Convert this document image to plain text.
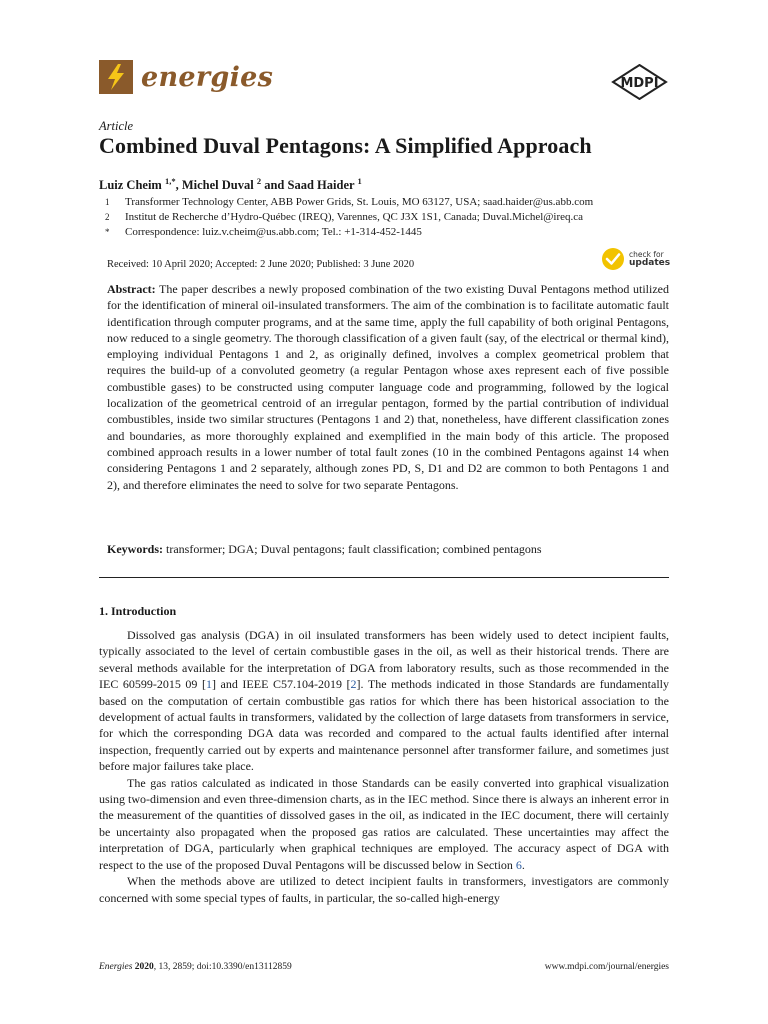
energies	MDPI
Article
Combined Duval Pentagons: A Simplified Approach
Luiz Cheim $^{1,*}$, Michel Duval $^2$ and Saad Haider $^1$
1	Transformer Technology Center, ABB Power Grids, St. Louis, MO 63127, USA; saad.haider@us.abb.com
2	Institut de Recherche d’Hydro-Québec (IREQ), Varennes, QC J3X 1S1, Canada; Duval.Michel@ireq.ca
*	Correspondence: luiz.v.cheim@us.abb.com; Tel.: +1-314-452-1445
check for
updates
Received: 10 April 2020; Accepted: 2 June 2020; Published: 3 June 2020

Abstract: The paper describes a newly proposed combination of the two existing Duval Pentagons method utilized for the identification of mineral oil-insulated transformers. The aim of the combination is to facilitate automatic fault identification through computer programs, and at the same time, apply the full capability of both original Pentagons, now reduced to a single geometry. The thorough classification of a given fault (say, of the electrical or thermal kind), employing individual Pentagons 1 and 2, as originally defined, involves a complex geometrical problem that requires the build-up of a convoluted geometry (a regular Pentagon whose axes represent each of five possible combustible gases) to be constructed using computer language code and programming, followed by the logical localization of the geometrical centroid of an irregular pentagon, formed by the partial contribution of individual combustibles, inside two similar structures (Pentagons 1 and 2) that, nonetheless, have different classification zones and boundaries, as more thoroughly explained and exemplified in the main body of this article. The proposed combined approach results in a lower number of total fault zones (10 in the combined Pentagons against 14 when considering Pentagons 1 and 2 separately, although zones PD, S, D1 and D2 are common to both Pentagons 1 and 2), and therefore eliminates the need to solve for two separate Pentagons.

Keywords: transformer; DGA; Duval pentagons; fault classification; combined pentagons
1. Introduction

Dissolved gas analysis (DGA) in oil insulated transformers has been widely used to detect incipient faults, typically associated to the level of certain combustible gases in the oil, as well as their historical trends. There are several methods available for the interpretation of DGA from laboratory results, such as those recommended in the IEC 60599-2015 09 [1] and IEEE C57.104-2019 [2]. The methods indicated in those Standards are fundamentally based on the computation of certain combustible gas ratios for which there has been historical association to the development of actual faults in transformers, validated by the collection of large datasets from transformers in service, for which the corresponding DGA data was recorded and compared to the actual faults identified after internal inspection, frequently carried out by experts and maintenance personnel after transformer failure, and sometimes just before major failures take place.

The gas ratios calculated as indicated in those Standards can be easily converted into graphical visualization using two-dimension and even three-dimension charts, as in the IEC method. Since there is always an inherent error in the measurement of the quantities of dissolved gases in the oil, as indicated in the IEC document, there will certainly be uncertainty also propagated when the proposed gas ratios are calculated. These uncertainties may affect the interpretation of DGA, particularly when graphical techniques are employed. The accuracy aspect of DGA with respect to the use of the proposed Duval Pentagons will be discussed below in Section 6.

When the methods above are utilized to detect incipient faults in transformers, investigators are commonly concerned with some special types of faults, in particular, the so-called high-energy

Energies 2020, 13, 2859; doi:10.3390/en13112859	www.mdpi.com/journal/energies
